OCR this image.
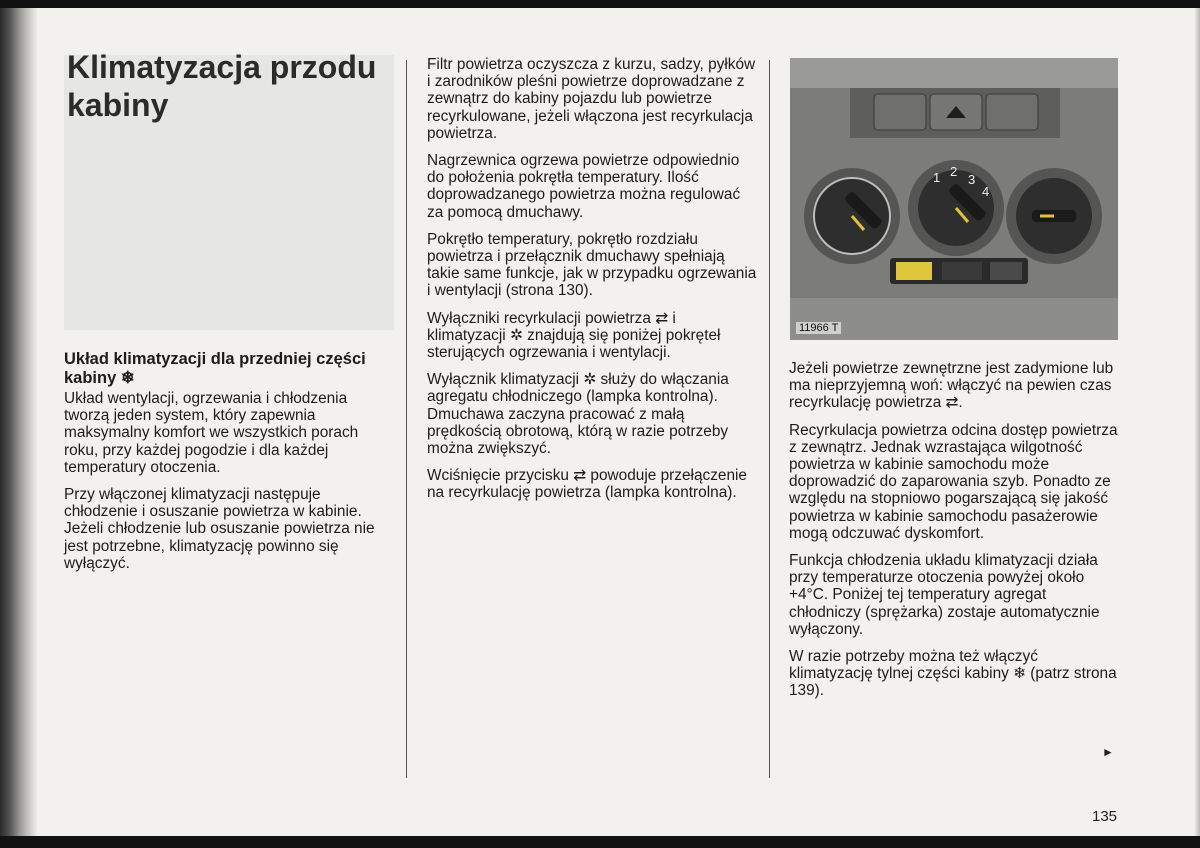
Klimatyzacja przodu kabiny
Układ klimatyzacji dla przedniej części kabiny ❄

Układ wentylacji, ogrzewania i chłodzenia tworzą jeden system, który zapewnia maksymalny komfort we wszystkich porach roku, przy każdej pogodzie i dla każdej temperatury otoczenia.

Przy włączonej klimatyzacji następuje chłodzenie i osuszanie powietrza w kabinie. Jeżeli chłodzenie lub osuszanie powietrza nie jest potrzebne, klimatyzację powinno się wyłączyć.

Filtr powietrza oczyszcza z kurzu, sadzy, pyłków i zarodników pleśni powietrze doprowadzane z zewnątrz do kabiny pojazdu lub powietrze recyrkulowane, jeżeli włączona jest recyrkulacja powietrza.

Nagrzewnica ogrzewa powietrze odpowiednio do położenia pokrętła temperatury. Ilość doprowadzanego powietrza można regulować za pomocą dmuchawy.

Pokrętło temperatury, pokrętło rozdziału powietrza i przełącznik dmuchawy spełniają takie same funkcje, jak w przypadku ogrzewania i wentylacji (strona 130).

Wyłączniki recyrkulacji powietrza ⇄ i klimatyzacji ✲ znajdują się poniżej pokręteł sterujących ogrzewania i wentylacji.

Wyłącznik klimatyzacji ✲ służy do włączania agregatu chłodniczego (lampka kontrolna). Dmuchawa zaczyna pracować z małą prędkością obrotową, którą w razie potrzeby można zwiększyć.

Wciśnięcie przycisku ⇄ powoduje przełączenie na recyrkulację powietrza (lampka kontrolna).

1 2
3
4
11966 T

Jeżeli powietrze zewnętrzne jest zadymione lub ma nieprzyjemną woń: włączyć na pewien czas recyrkulację powietrza ⇄.

Recyrkulacja powietrza odcina dostęp powietrza z zewnątrz. Jednak wzrastająca wilgotność powietrza w kabinie samochodu może doprowadzić do zaparowania szyb. Ponadto ze względu na stopniowo pogarszającą się jakość powietrza w kabinie samochodu pasażerowie mogą odczuwać dyskomfort.

Funkcja chłodzenia układu klimatyzacji działa przy temperaturze otoczenia powyżej około +4°C. Poniżej tej temperatury agregat chłodniczy (sprężarka) zostaje automatycznie wyłączony.

W razie potrzeby można też włączyć klimatyzację tylnej części kabiny ❄ (patrz strona 139).

►
135
